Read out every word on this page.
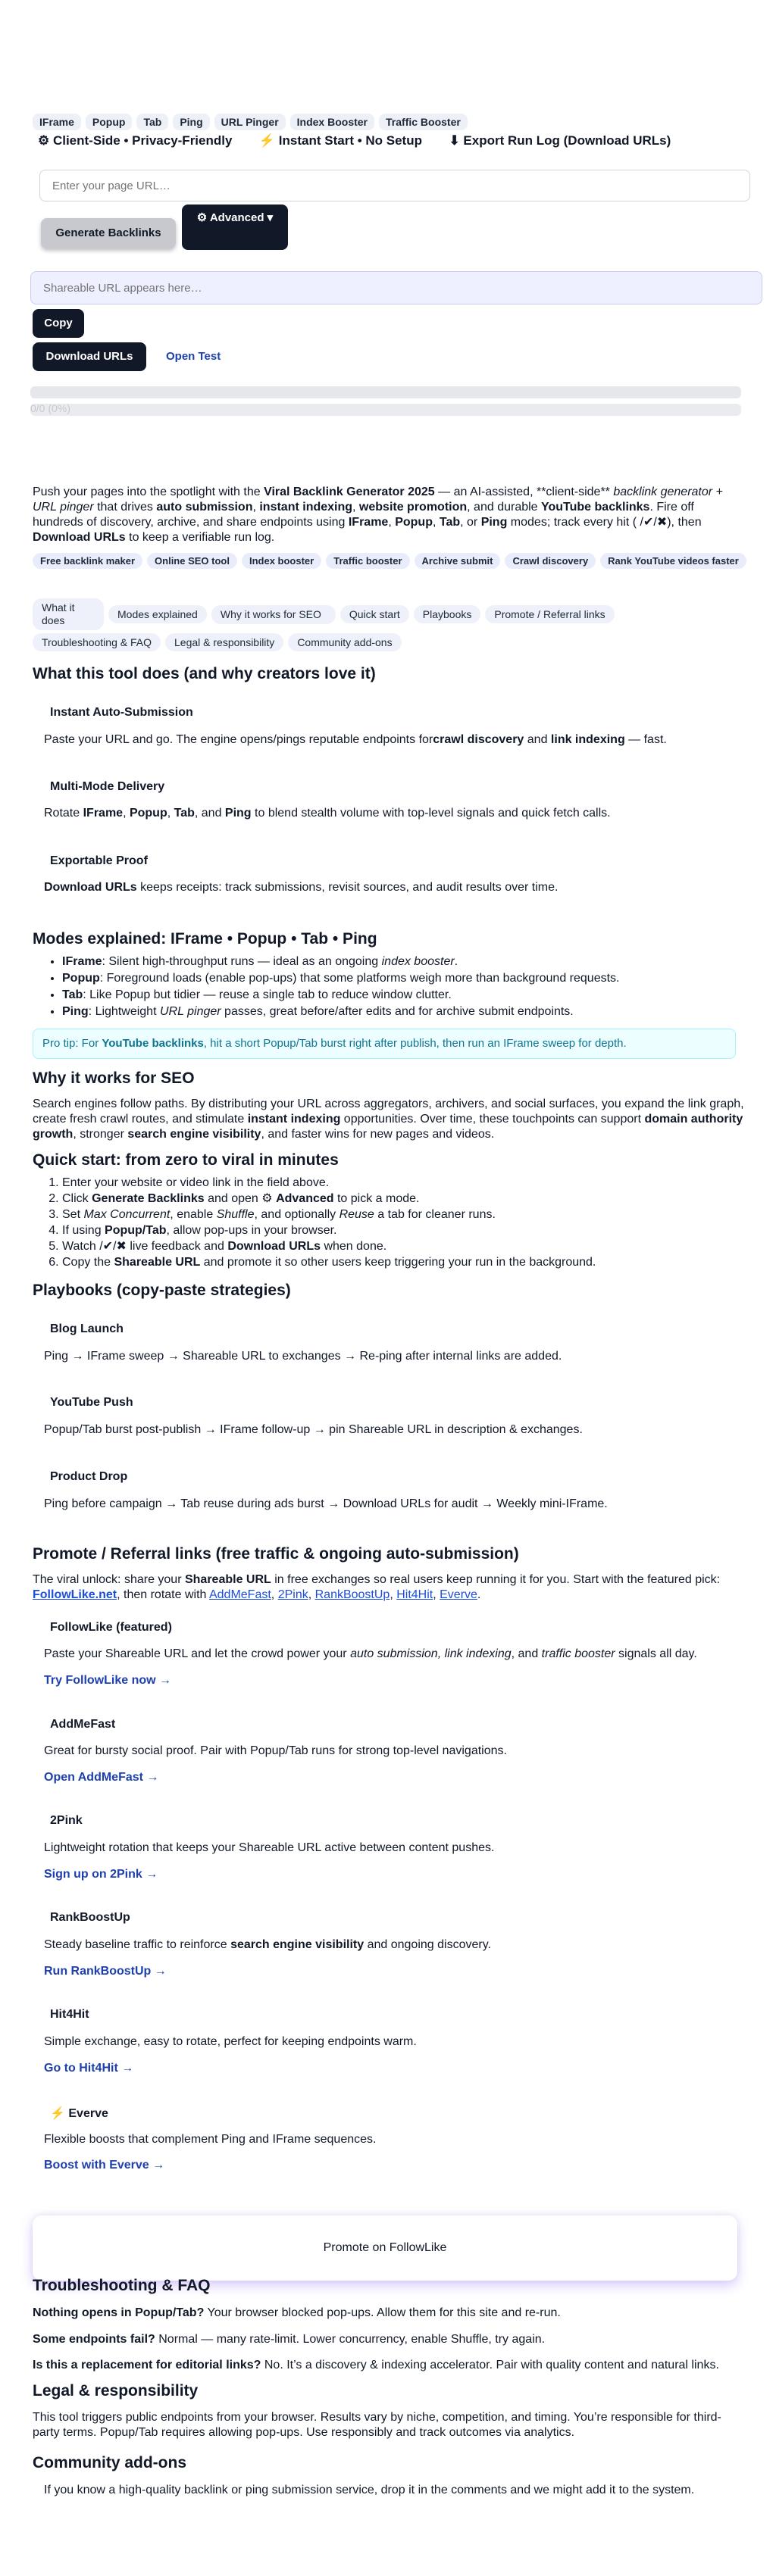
IFrame Popup Tab Ping URL Pinger Index Booster Traffic Booster
⚙ Client-Side • Privacy-Friendly ⚡ Instant Start • No Setup ⬇ Export Run Log (Download URLs)
Enter your page URL…
Generate Backlinks
⚙ Advanced ▾
Shareable URL appears here…
Copy
Download URLs	Open Test
Push your pages into the spotlight with the Viral Backlink Generator 2025 — an AI-assisted, **client-side** backlink generator + URL pinger that drives auto submission, instant indexing, website promotion, and durable YouTube backlinks. Fire off hundreds of discovery, archive, and share endpoints using IFrame, Popup, Tab, or Ping modes; track every hit ( /✔/✖), then Download URLs to keep a verifiable run log.
Free backlink maker Online SEO tool Index booster Traffic booster Archive submit Crawl discovery Rank YouTube videos faster
What it does	Modes explained Why it works for SEO	Quick start Playbooks Promote / Referral links
Troubleshooting & FAQ Legal & responsibility Community add-ons
What this tool does (and why creators love it)
Instant Auto-Submission
Paste your URL and go. The engine opens/pings reputable endpoints forcrawl discovery and link indexing — fast.
Multi-Mode Delivery
Rotate IFrame, Popup, Tab, and Ping to blend stealth volume with top-level signals and quick fetch calls.
Exportable Proof
Download URLs keeps receipts: track submissions, revisit sources, and audit results over time.
Modes explained: IFrame • Popup • Tab • Ping
• IFrame: Silent high-throughput runs — ideal as an ongoing index booster.
• Popup: Foreground loads (enable pop-ups) that some platforms weigh more than background requests.
• Tab: Like Popup but tidier — reuse a single tab to reduce window clutter.
• Ping: Lightweight URL pinger passes, great before/after edits and for archive submit endpoints.
Pro tip: For YouTube backlinks, hit a short Popup/Tab burst right after publish, then run an IFrame sweep for depth.
Why it works for SEO
Search engines follow paths. By distributing your URL across aggregators, archivers, and social surfaces, you expand the link graph, create fresh crawl routes, and stimulate instant indexing opportunities. Over time, these touchpoints can support domain authority growth, stronger search engine visibility, and faster wins for new pages and videos.
Quick start: from zero to viral in minutes
1. Enter your website or video link in the field above.
2. Click Generate Backlinks and open ⚙ Advanced to pick a mode.
3. Set Max Concurrent, enable Shuffle, and optionally Reuse a tab for cleaner runs.
4. If using Popup/Tab, allow pop-ups in your browser.
5. Watch /✔/✖ live feedback and Download URLs when done.
6. Copy the Shareable URL and promote it so other users keep triggering your run in the background.
Playbooks (copy-paste strategies)
Blog Launch
Ping → IFrame sweep → Shareable URL to exchanges → Re-ping after internal links are added.
YouTube Push
Popup/Tab burst post-publish → IFrame follow-up → pin Shareable URL in description & exchanges.
Product Drop
Ping before campaign → Tab reuse during ads burst → Download URLs for audit → Weekly mini-IFrame.
Promote / Referral links (free traffic & ongoing auto-submission)
The viral unlock: share your Shareable URL in free exchanges so real users keep running it for you. Start with the featured pick: FollowLike.net, then rotate with AddMeFast, 2Pink, RankBoostUp, Hit4Hit, Everve.
FollowLike (featured)
Paste your Shareable URL and let the crowd power your auto submission, link indexing, and traffic booster signals all day.
Try FollowLike now →
AddMeFast
Great for bursty social proof. Pair with Popup/Tab runs for strong top-level navigations.
Open AddMeFast →
2Pink
Lightweight rotation that keeps your Shareable URL active between content pushes.
Sign up on 2Pink →
RankBoostUp
Steady baseline traffic to reinforce search engine visibility and ongoing discovery.
Run RankBoostUp →
Hit4Hit
Simple exchange, easy to rotate, perfect for keeping endpoints warm.
Go to Hit4Hit →
⚡ Everve
Flexible boosts that complement Ping and IFrame sequences.
Boost with Everve →
Promote on FollowLike
Troubleshooting & FAQ
Nothing opens in Popup/Tab? Your browser blocked pop-ups. Allow them for this site and re-run.
Some endpoints fail? Normal — many rate-limit. Lower concurrency, enable Shuffle, try again.
Is this a replacement for editorial links? No. It’s a discovery & indexing accelerator. Pair with quality content and natural links.
Legal & responsibility
This tool triggers public endpoints from your browser. Results vary by niche, competition, and timing. You’re responsible for third-party terms. Popup/Tab requires allowing pop-ups. Use responsibly and track outcomes via analytics.
Community add-ons
If you know a high-quality backlink or ping submission service, drop it in the comments and we might add it to the system.
